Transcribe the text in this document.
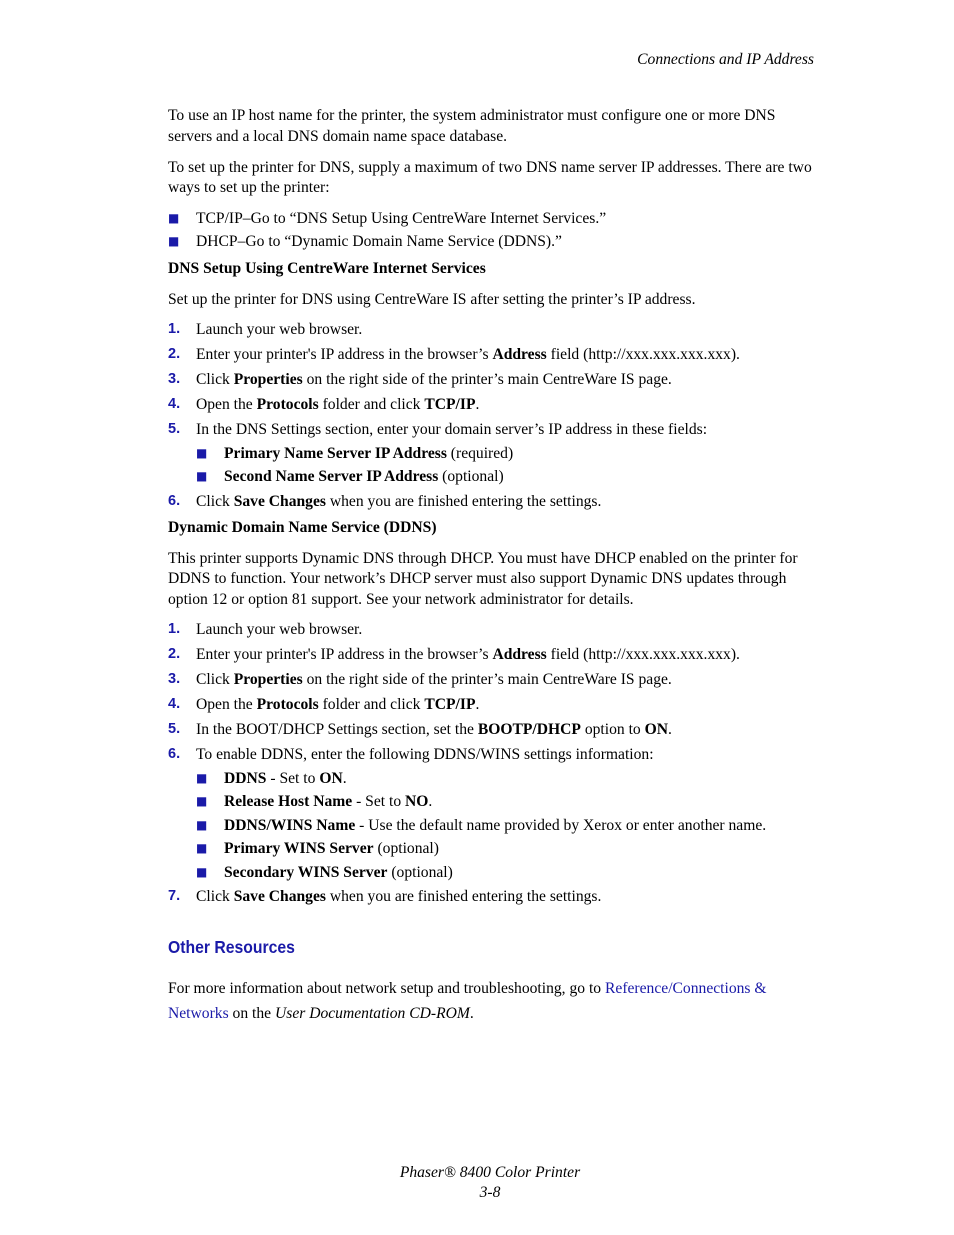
Connections and IP Address

To use an IP host name for the printer, the system administrator must configure one or more DNS servers and a local DNS domain name space database.

To set up the printer for DNS, supply a maximum of two DNS name server IP addresses. There are two ways to set up the printer:

■ TCP/IP–Go to “DNS Setup Using CentreWare Internet Services.”
■ DHCP–Go to “Dynamic Domain Name Service (DDNS).”

DNS Setup Using CentreWare Internet Services

Set up the printer for DNS using CentreWare IS after setting the printer’s IP address.

1. Launch your web browser.
2. Enter your printer's IP address in the browser’s Address field (http://xxx.xxx.xxx.xxx).
3. Click Properties on the right side of the printer’s main CentreWare IS page.
4. Open the Protocols folder and click TCP/IP.
5. In the DNS Settings section, enter your domain server’s IP address in these fields:
■ Primary Name Server IP Address (required)
■ Second Name Server IP Address (optional)
6. Click Save Changes when you are finished entering the settings.

Dynamic Domain Name Service (DDNS)

This printer supports Dynamic DNS through DHCP. You must have DHCP enabled on the printer for DDNS to function. Your network’s DHCP server must also support Dynamic DNS updates through option 12 or option 81 support. See your network administrator for details.

1. Launch your web browser.
2. Enter your printer's IP address in the browser’s Address field (http://xxx.xxx.xxx.xxx).
3. Click Properties on the right side of the printer’s main CentreWare IS page.
4. Open the Protocols folder and click TCP/IP.
5. In the BOOT/DHCP Settings section, set the BOOTP/DHCP option to ON.
6. To enable DDNS, enter the following DDNS/WINS settings information:
■ DDNS - Set to ON.
■ Release Host Name - Set to NO.
■ DDNS/WINS Name - Use the default name provided by Xerox or enter another name.
■ Primary WINS Server (optional)
■ Secondary WINS Server (optional)
7. Click Save Changes when you are finished entering the settings.
Other Resources

For more information about network setup and troubleshooting, go to Reference/Connections & Networks on the User Documentation CD-ROM.

Phaser® 8400 Color Printer
3-8
